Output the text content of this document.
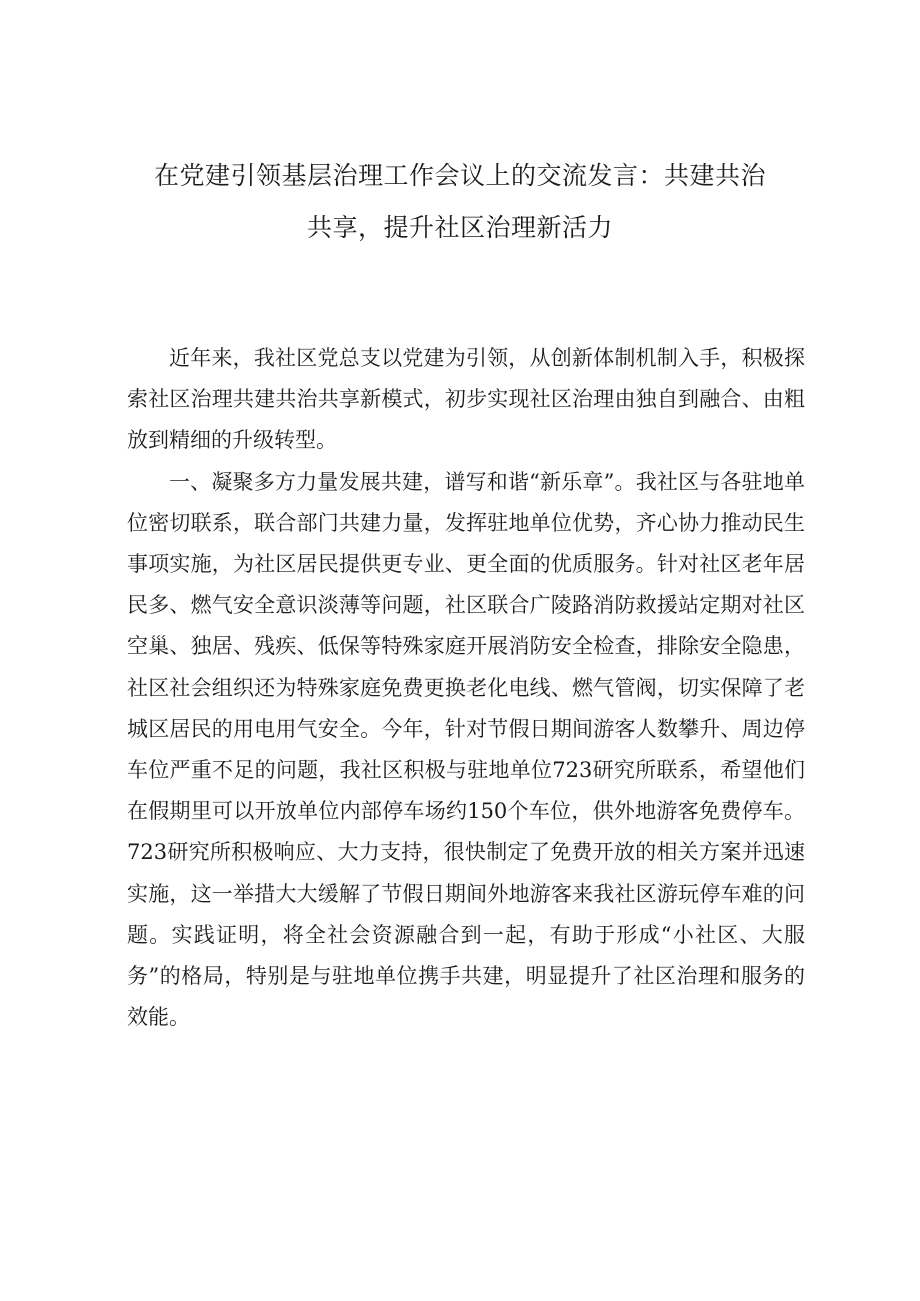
在党建引领基层治理工作会议上的交流发言：共建共治
共享，提升社区治理新活力

近年来，我社区党总支以党建为引领，从创新体制机制入手，积极探索社区治理共建共治共享新模式，初步实现社区治理由独自到融合、由粗放到精细的升级转型。

一、凝聚多方力量发展共建，谱写和谐“新乐章”。我社区与各驻地单位密切联系，联合部门共建力量，发挥驻地单位优势，齐心协力推动民生事项实施，为社区居民提供更专业、更全面的优质服务。针对社区老年居民多、燃气安全意识淡薄等问题，社区联合广陵路消防救援站定期对社区空巢、独居、残疾、低保等特殊家庭开展消防安全检查，排除安全隐患，社区社会组织还为特殊家庭免费更换老化电线、燃气管阀，切实保障了老城区居民的用电用气安全。今年，针对节假日期间游客人数攀升、周边停车位严重不足的问题，我社区积极与驻地单位723研究所联系，希望他们在假期里可以开放单位内部停车场约150个车位，供外地游客免费停车。723研究所积极响应、大力支持，很快制定了免费开放的相关方案并迅速实施，这一举措大大缓解了节假日期间外地游客来我社区游玩停车难的问题。实践证明，将全社会资源融合到一起，有助于形成“小社区、大服务”的格局，特别是与驻地单位携手共建，明显提升了社区治理和服务的效能。
